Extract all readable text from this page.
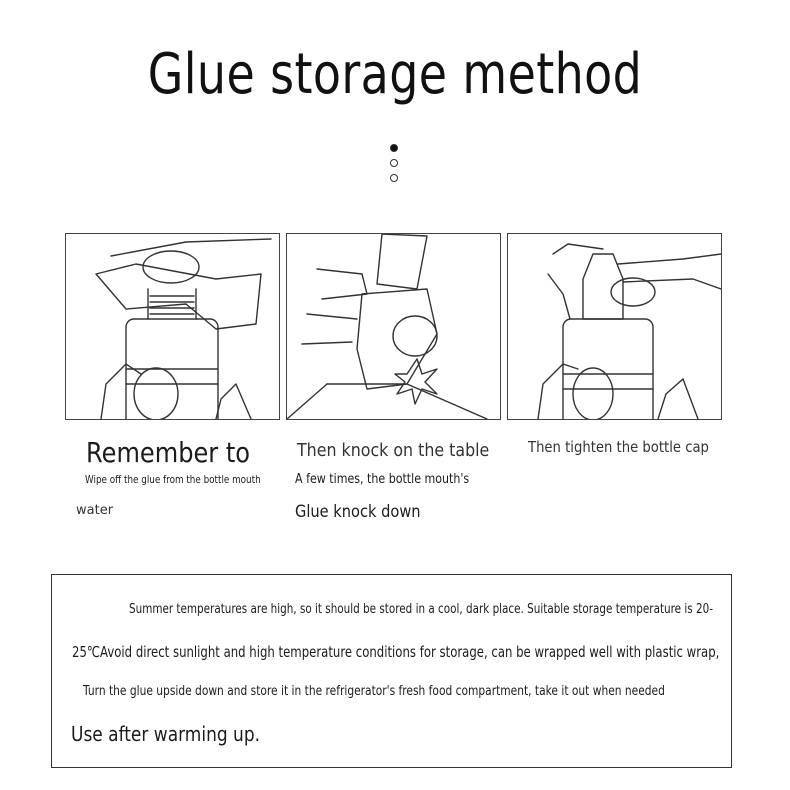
Glue storage method
Remember to
Wipe off the glue from the bottle mouth
water
Then knock on the table
A few times, the bottle mouth's
Glue knock down
Then tighten the bottle cap
Summer temperatures are high, so it should be stored in a cool, dark place. Suitable storage temperature is 20-
25℃Avoid direct sunlight and high temperature conditions for storage, can be wrapped well with plastic wrap,
Turn the glue upside down and store it in the refrigerator's fresh food compartment, take it out when needed
Use after warming up.
